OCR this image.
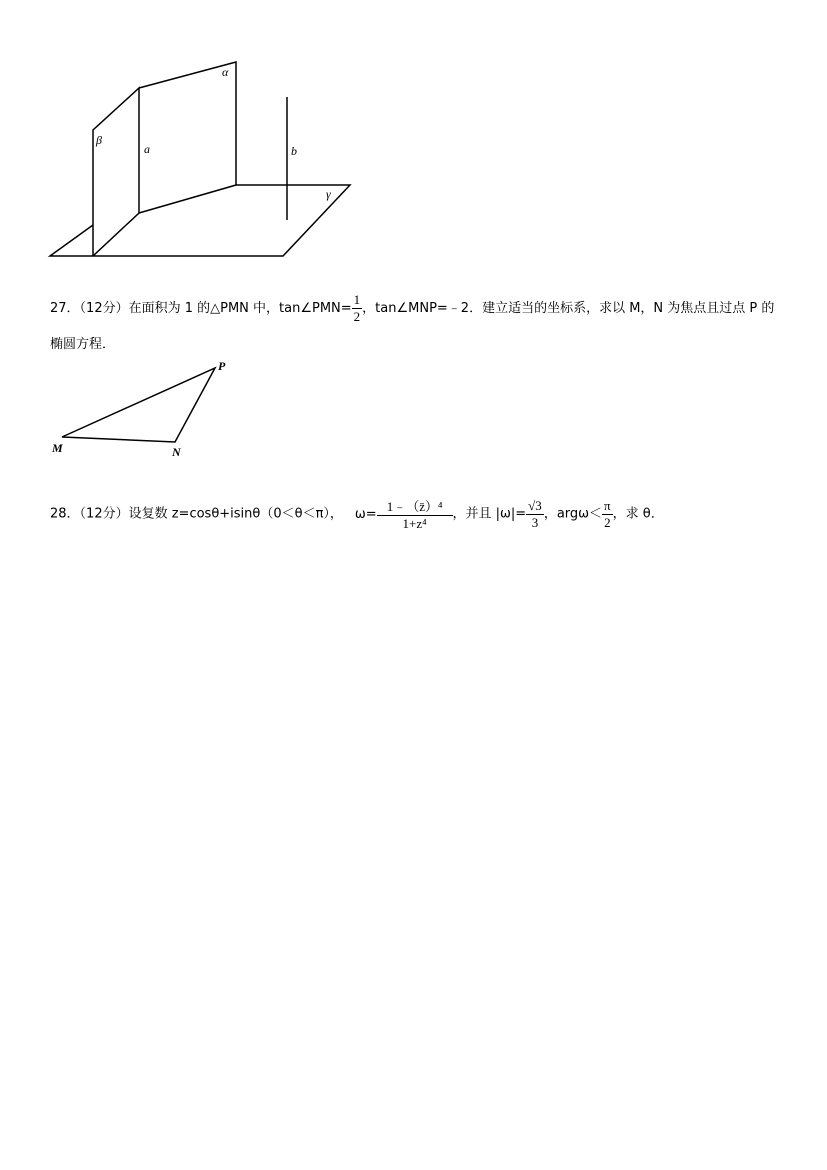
α
β
a	b
γ
27．（12分）在面积为 1 的△PMN 中，tan∠PMN= $\frac{1}{2}$ ，tan∠MNP=﹣2．建立适当的坐标系，求以 M，N 为焦点且过点 P 的
椭圆方程．
P
M	N
28．（12分）设复数 z=cosθ+isinθ（0＜θ＜π）， $\omega= \frac{\text{1﹣（z̄）⁴}}{\text{1+z⁴}}$ ，并且 $|\omega|= \frac{√3}{3}$ ，$arg\omega< \frac{\pi}{2}$ ，求 θ．
